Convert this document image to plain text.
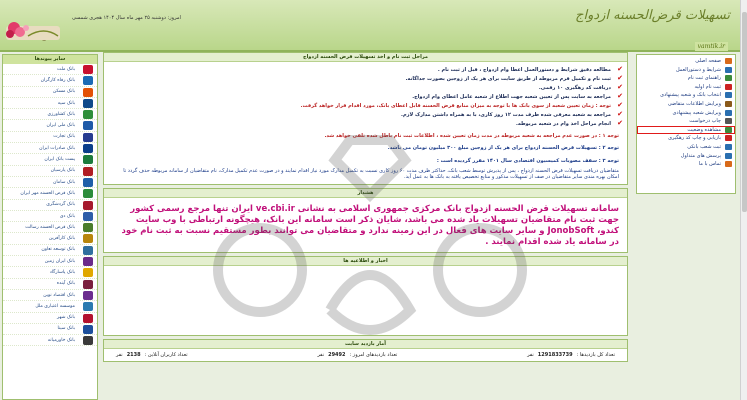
~
امروز: دوشنبه ۲۵ مهر ماه سال ۱۴۰۴ هجری شمسی	تسهیلات قرض‌الحسنه ازدواج
vamtik.ir
سایر پیوندها
بانک ملت
بانک رفاه کارگران
بانک مسکن
بانک سپه
بانک کشاورزی
بانک ملی ایران
بانک تجارت
بانک صادرات ایران
پست بانک ایران
بانک پارسیان
بانک سامان
بانک قرض الحسنه مهر ایران
بانک گردشگری
بانک دی
بانک قرض الحسنه رسالت
بانک کارآفرین
بانک توسعه تعاون
بانک ایران زمین
بانک پاسارگاد
بانک آینده
بانک اقتصاد نوین
موسسه اعتباری ملل
بانک شهر
بانک سینا
بانک خاورمیانه
مراحل ثبت نام و اخذ تسهیلات قرض الحسنه ازدواج
✔
مطالعه دقیق شرایط و دستورالعمل اعطا وام ازدواج ، قبل از ثبت نام .
✔
ثبت نام و تکمیل فرم مربوطه از طریق سایت برای هر یک از زوجین بصورت جداگانه.
✔
دریافت کد رهگیری ۱۰ رقمی.
✔
مراجعه به سایت پس از تعیین شعبه جهت اطلاع از شعبه عامل اعطای وام ازدواج.
✔
توجه : زمان تعیین شعبه از سوی بانک ها با توجه به میزان منابع قرض الحسنه قابل اعطای بانک، مورد اقدام قرار خواهد گرفت.
✔
مراجعه به شعبه معرفی شده ظرف مدت ۱۲ روز کاری، با به همراه داشتن مدارک لازم.
✔
انجام مراحل اخذ وام در شعبه مربوطه.
توجه ۱ : در صورت عدم مراجعه به شعبه مربوطه در مدت زمان تعیین شده ، اطلاعات ثبت نام باطل شده تلقی خواهد شد.
توجه ۲ : تسهیلات قرض الحسنه ازدواج برای هر یک از زوجین مبلغ ۳۰۰ میلیون تومان می باشد.
توجه ۳ : سقف مصوبات کمیسیون اقتصادی سال ۱۴۰۱ مقرر گردیده است :
متقاضیان دریافت تسهیلات قرض الحسنه ازدواج ، پس از پذیرش توسط شعب بانک، حداکثر ظرف مدت ۶۰ روز کاری نسبت به تکمیل مدارک مورد نیاز اقدام نمایند و در صورت عدم تکمیل مدارک، نام متقاضیان از سامانه مربوطه حذف گردد تا امکان بهره مندی سایر متقاضیان در صف از تسهیلات مذکور و منابع تخصیص یافته به بانک ها به عمل آید.
هشدار
سامانه تسهیلات قرض الحسنه ازدواج بانک مرکزی جمهوری اسلامی به نشانی ve.cbi.ir ایران تنها مرجع رسمی کشور جهت ثبت نام متقاضیان تسهیلات یاد شده می باشد، شایان ذکر است سامانه این بانک، هیچگونه ارتباطی با وب سایت کندو، JonobSoft و سایر سایت های فعال در این زمینه ندارد و متقاضیان می توانند بطور مستقیم نسبت به ثبت نام خود در سامانه یاد شده اقدام نمایند .
اخبار و اطلاعیه ها
آمار بازدید سایت
تعداد کل بازدیدها :1291833739نفر
تعداد بازدیدهای امروز :29492نفر
تعداد کاربران آنلاین :2138نفر
صفحه اصلی
شرایط و دستورالعمل
راهنمای ثبت نام
ثبت نام اولیه
انتخاب بانک و شعبه پیشنهادی
ویرایش اطلاعات متقاضی
ویرایش شعبه پیشنهادی
چاپ درخواست
مشاهده وضعیت
بازیابی و چاپ کد رهگیری
ثبت شعب بانکی
پرسش های متداول
تماس با ما
